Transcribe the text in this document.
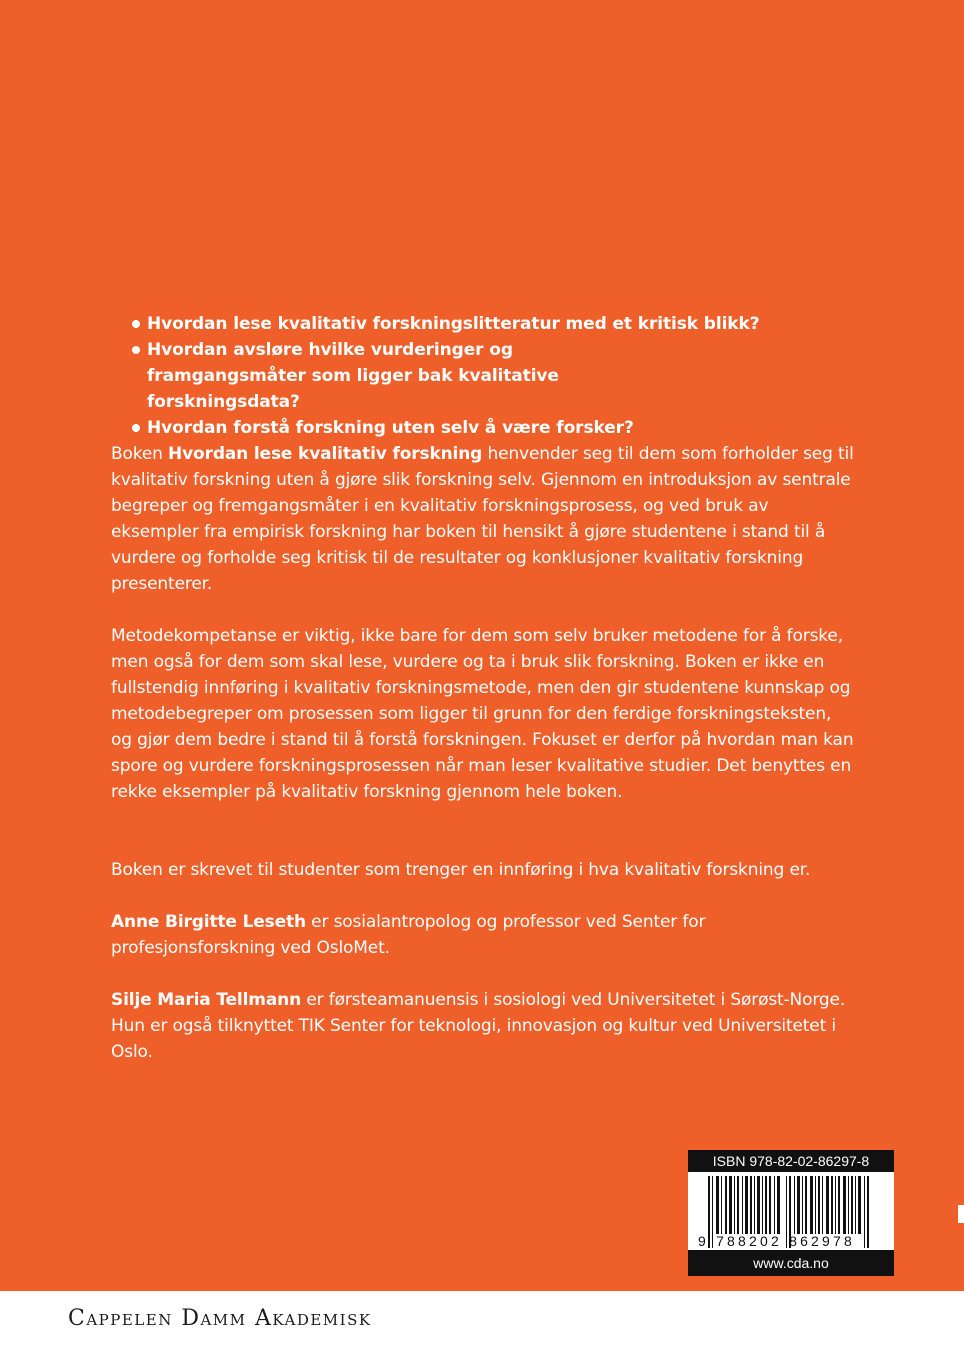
Hvordan lese kvalitativ forskningslitteratur med et kritisk blikk?
Hvordan avsløre hvilke vurderinger og framgangsmåter som ligger bak kvalitative forskningsdata?
Hvordan forstå forskning uten selv å være forsker?

Boken Hvordan lese kvalitativ forskning henvender seg til dem som forholder seg til kvalitativ forskning uten å gjøre slik forskning selv. Gjennom en introduksjon av sentrale begreper og fremgangsmåter i en kvalitativ forskningsprosess, og ved bruk av eksempler fra empirisk forskning har boken til hensikt å gjøre studentene i stand til å vurdere og forholde seg kritisk til de resultater og konklusjoner kvalitativ forskning presenterer.

Metodekompetanse er viktig, ikke bare for dem som selv bruker metodene for å forske, men også for dem som skal lese, vurdere og ta i bruk slik forskning. Boken er ikke en fullstendig innføring i kvalitativ forskningsmetode, men den gir studentene kunnskap og metodebegreper om prosessen som ligger til grunn for den ferdige forskningsteksten, og gjør dem bedre i stand til å forstå forskningen. Fokuset er derfor på hvordan man kan spore og vurdere forskningsprosessen når man leser kvalitative studier. Det benyttes en rekke eksempler på kvalitativ forskning gjennom hele boken.

Boken er skrevet til studenter som trenger en innføring i hva kvalitativ forskning er.

Anne Birgitte Leseth er sosialantropolog og professor ved Senter for profesjonsforskning ved OsloMet.

Silje Maria Tellmann er førsteamanuensis i sosiologi ved Universitetet i Sørøst-Norge. Hun er også tilknyttet TIK Senter for teknologi, innovasjon og kultur ved Universitetet i Oslo.

ISBN 978-82-02-86297-8
9 788202 862978
www.cda.no
Cappelen Damm Akademisk
